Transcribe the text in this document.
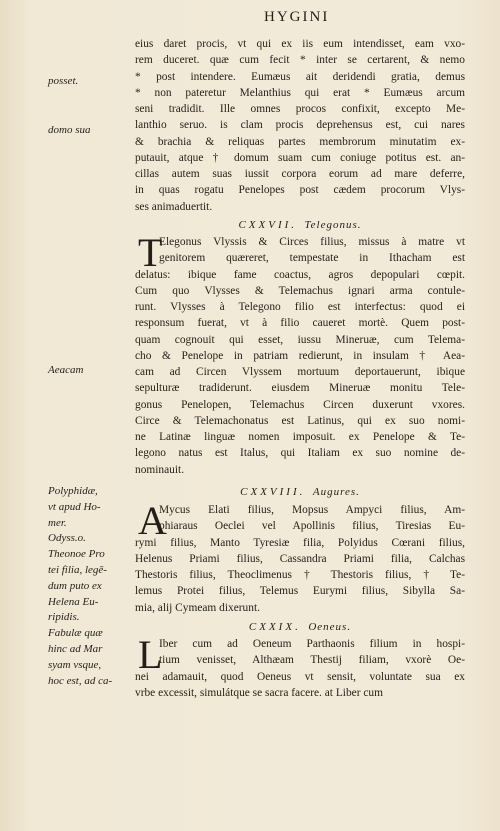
HYGINI
eius daret procis, vt qui ex iis eum intendisset, eam vxo-
rem duceret. quæ cum fecit * inter se certarent, & nemo
* post intendere. Eumæus ait deridendi gratia, demus
* non pateretur Melanthius qui erat * Eumæus arcum
seni tradidit. Ille omnes procos confixit, excepto Me-
lanthio seruo. is clam procis deprehensus est, cui nares
& brachia & reliquas partes membrorum minutatim ex-
putauit, atque † domum suam cum coniuge potitus est. an-
cillas autem suas iussit corpora eorum ad mare deferre,
in quas rogatu Penelopes post cædem procorum Vlys-
ses animaduertit.
CXXVII. Telegonus.
T
Elegonus Vlyssis & Circes filius, missus à matre vt
genitorem quæreret, tempestate in Ithacham est
delatus: ibique fame coactus, agros depopulari cœpit.
Cum quo Vlysses & Telemachus ignari arma contule-
runt. Vlysses à Telegono filio est interfectus: quod ei
responsum fuerat, vt à filio caueret mortè. Quem post-
quam cognouit qui esset, iussu Mineruæ, cum Telema-
cho & Penelope in patriam redierunt, in insulam † Aea-
cam ad Circen Vlyssem mortuum deportauerunt, ibique
sepulturæ tradiderunt. eiusdem Mineruæ monitu Tele-
gonus Penelopen, Telemachus Circen duxerunt vxores.
Circe & Telemachonatus est Latinus, qui ex suo nomi-
ne Latinæ linguæ nomen imposuit. ex Penelope & Te-
legono natus est Italus, qui Italiam ex suo nomine de-
nominauit.
CXXVIII. Augures.
A
Mycus Elati filius, Mopsus Ampyci filius, Am-
phiaraus Oeclei vel Apollinis filius, Tiresias Eu-
rymi filius, Manto Tyresiæ filia, Polyidus Cœrani filius,
Helenus Priami filius, Cassandra Priami filia, Calchas
Thestoris filius, Theoclimenus † Thestoris filius, † Te-
lemus Protei filius, Telemus Eurymi filius, Sibylla Sa-
mia, alij Cymeam dixerunt.
CXXIX. Oeneus.
L
Iber cum ad Oeneum Parthaonis filium in hospi-
tium venisset, Althæam Thestij filiam, vxorè Oe-
nei adamauit, quod Oeneus vt sensit, voluntate sua ex
vrbe excessit, simulátque se sacra facere. at Liber cum
posset.
domo sua
Aeacam
Polyphidæ,
vt apud Ho-
mer.
Odyss.o.
Theonoe Pro
tei filia, legē-
dum puto ex
Helena Eu-
ripidis.
Fabulæ quæ
hinc ad Mar
syam vsque,
hoc est, ad ca-
